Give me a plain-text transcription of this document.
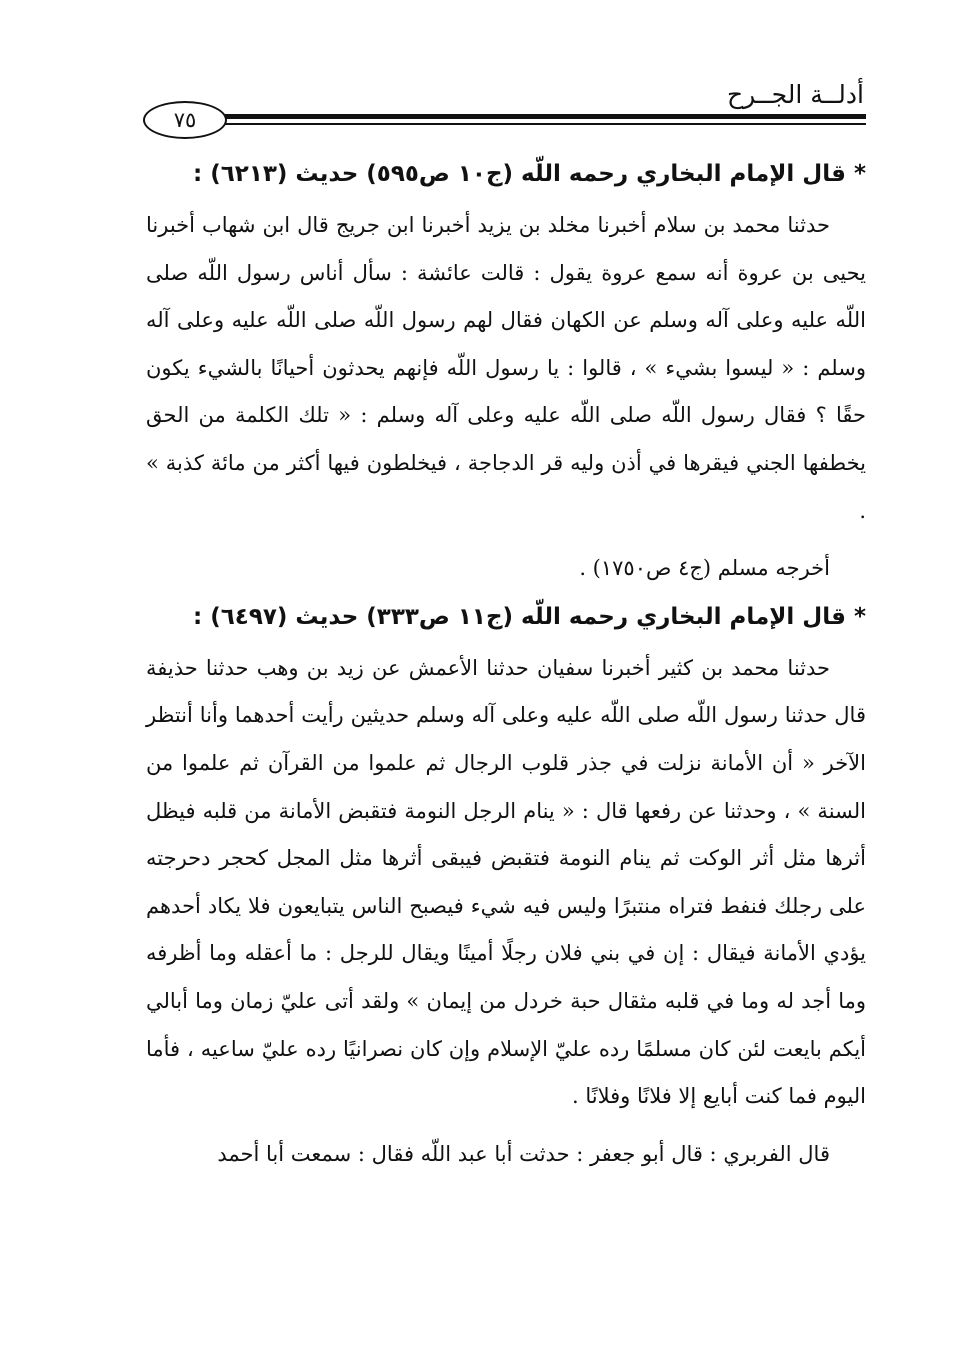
أدلــة الجــرح
٧٥

* قال الإمام البخاري رحمه اللّه (ج١٠ ص٥٩٥) حديث (٦٢١٣) :

حدثنا محمد بن سلام أخبرنا مخلد بن يزيد أخبرنا ابن جريج قال ابن شهاب أخبرنا يحيى بن عروة أنه سمع عروة يقول : قالت عائشة : سأل أناس رسول اللّه صلى اللّه عليه وعلى آله وسلم عن الكهان فقال لهم رسول اللّه صلى اللّه عليه وعلى آله وسلم : « ليسوا بشيء » ، قالوا : يا رسول اللّه فإنهم يحدثون أحيانًا بالشيء يكون حقًا ؟ فقال رسول اللّه صلى اللّه عليه وعلى آله وسلم : « تلك الكلمة من الحق يخطفها الجني فيقرها في أذن وليه قر الدجاجة ، فيخلطون فيها أكثر من مائة كذبة » .

أخرجه مسلم (ج٤ ص١٧٥٠) .

* قال الإمام البخاري رحمه اللّه (ج١١ ص٣٣٣) حديث (٦٤٩٧) :

حدثنا محمد بن كثير أخبرنا سفيان حدثنا الأعمش عن زيد بن وهب حدثنا حذيفة قال حدثنا رسول اللّه صلى اللّه عليه وعلى آله وسلم حديثين رأيت أحدهما وأنا أنتظر الآخر « أن الأمانة نزلت في جذر قلوب الرجال ثم علموا من القرآن ثم علموا من السنة » ، وحدثنا عن رفعها قال : « ينام الرجل النومة فتقبض الأمانة من قلبه فيظل أثرها مثل أثر الوكت ثم ينام النومة فتقبض فيبقى أثرها مثل المجل كحجر دحرجته على رجلك فنفط فتراه منتبرًا وليس فيه شيء فيصبح الناس يتبايعون فلا يكاد أحدهم يؤدي الأمانة فيقال : إن في بني فلان رجلًا أمينًا ويقال للرجل : ما أعقله وما أظرفه وما أجد له وما في قلبه مثقال حبة خردل من إيمان » ولقد أتى عليّ زمان وما أبالي أيكم بايعت لئن كان مسلمًا رده عليّ الإسلام وإن كان نصرانيًا رده عليّ ساعيه ، فأما اليوم فما كنت أبايع إلا فلانًا وفلانًا .

قال الفربري : قال أبو جعفر : حدثت أبا عبد اللّه فقال : سمعت أبا أحمد
